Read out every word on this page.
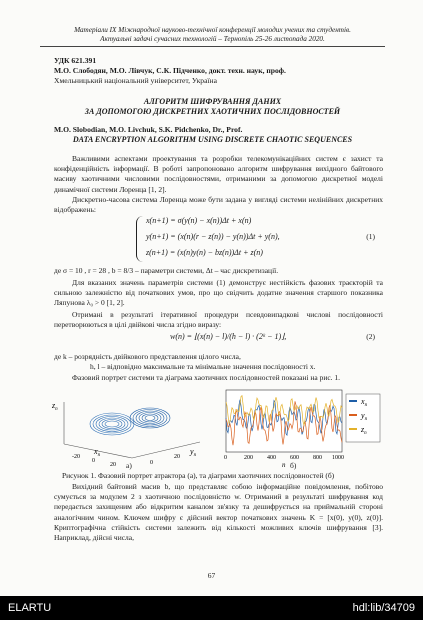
Матеріали ІХ Міжнародної науково-технічної конференції молодих учених та студентів.
Актуальні задачі сучасних технологій – Тернопіль 25-26 листопада 2020.
УДК 621.391
М.О. Слободян, М.О. Лівчук, С.К. Підченко, докт. техн. наук, проф.
Хмельницький національний університет, Україна
АЛГОРИТМ ШИФРУВАННЯ ДАНИХ
ЗА ДОПОМОГОЮ ДИСКРЕТНИХ ХАОТИЧНИХ ПОСЛІДОВНОСТЕЙ
M.O. Slobodian, M.O. Livchuk, S.K. Pidchenko, Dr., Prof.
DATA ENCRYPTION ALGORITHM USING DISCRETE CHAOTIC SEQUENCES
Важливими аспектами проектування та розробки телекомунікаційних систем є захист та конфіденційність інформації. В роботі запропоновано алгоритм шифрування вихідного байтового масиву хаотичними числовими послідовностями, отриманими за допомогою дискретної моделі динамічної системи Лоренца [1, 2].
Дискретно-часова система Лоренца може бути задана у вигляді системи нелінійних дискретних відображень:
x(n+1) = σ(y(n) − x(n))Δt + x(n)
y(n+1) = (x(n)(r − z(n)) − y(n))Δt + y(n),
z(n+1) = (x(n)y(n) − bz(n))Δt + z(n)
(1)
де σ = 10 , r = 28 , b = 8/3 – параметри системи, Δt – час дискретизації.
Для вказаних значень параметрів системи (1) демонструє нестійкість фазових траєкторій та сильною залежністю від початкових умов, про що свідчить додатне значення старшого показника Ляпунова λ₀ > 0 [1, 2].
Отримані в результаті ітеративної процедури псевдовипадкові числові послідовності перетворюються в цілі двійкові числа згідно виразу:
w(n) = ⌊(x(n) − l)/(h − l) · (2ᵏ − 1)⌋,	(2)
де k – розрядність двійкового представлення цілого числа,
h, l – відповідно максимальне та мінімальне значення послідовності x.
Фазовий портрет системи та діаграма хаотичних послідовностей показані на рис. 1.
$z_n$
-20
0
20	0
20
$x_n$	$y_n$
а)
$x_n$
$y_n$
$z_n$
0	200 400 600 800 1000
n б)
Рисунок 1. Фазовий портрет атрактора (а), та діаграми хаотичних послідовностей (б)
Вихідний байтовий масив b, що представляє собою інформаційне повідомлення, побітово сумується за модулем 2 з хаотичною послідовністю w. Отриманий в результаті шифрування код передається захищеним або відкритим каналом зв'язку та дешифрується на приймальній стороні аналогічним чином. Ключем шифру є дійсний вектор початкових значень K = [x(0), y(0), z(0)]. Криптографічна стійкість системи залежить від кількості можливих ключів шифрування [3]. Наприклад, дійсні числа,
67
ELARTU	hdl:lib/34709
